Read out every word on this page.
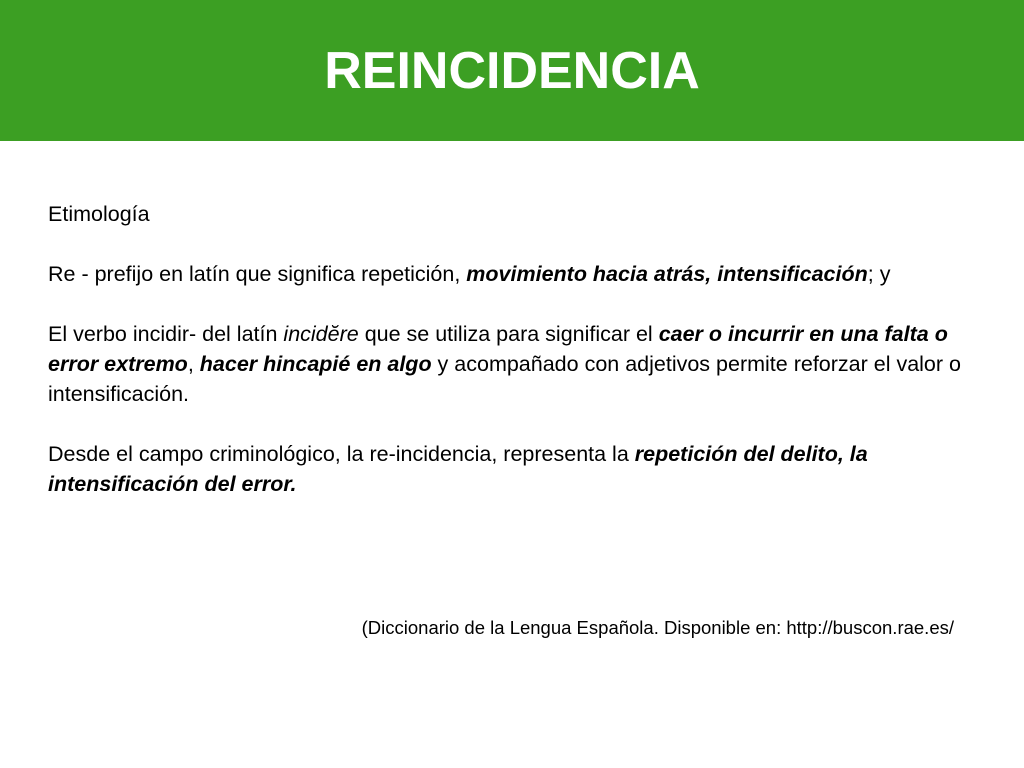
REINCIDENCIA

Etimología

Re - prefijo en latín que significa repetición, movimiento hacia atrás, intensificación; y

El verbo incidir- del latín incidĕre que se utiliza para significar el caer o incurrir en una falta o error extremo, hacer hincapié en algo y acompañado con adjetivos permite reforzar el valor o intensificación.

Desde el campo criminológico, la re-incidencia, representa la repetición del delito, la intensificación del error.

(Diccionario de la Lengua Española. Disponible en: http://buscon.rae.es/
